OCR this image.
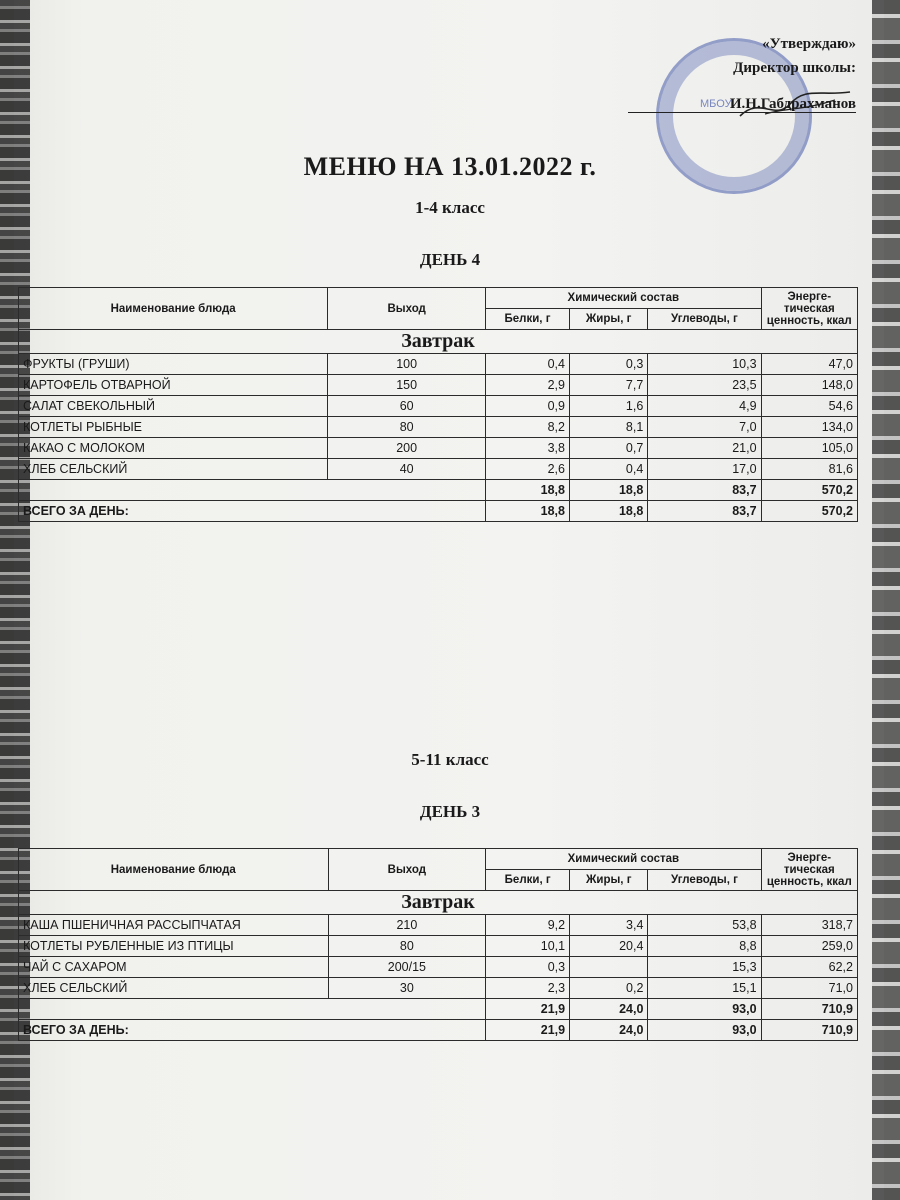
МБОУ
«Утверждаю»
Директор школы:
И.Н.Габдрахманов
МЕНЮ НА 13.01.2022 г.
1-4 класс
ДЕНЬ 4
Наименование блюда	Выход	Химический состав			Энерге-тическая ценность, ккал
		Белки, г	Жиры, г	Углеводы, г	
Завтрак					
ФРУКТЫ (ГРУШИ)	100	0,4	0,3	10,3	47,0
КАРТОФЕЛЬ ОТВАРНОЙ	150	2,9	7,7	23,5	148,0
САЛАТ СВЕКОЛЬНЫЙ	60	0,9	1,6	4,9	54,6
КОТЛЕТЫ РЫБНЫЕ	80	8,2	8,1	7,0	134,0
КАКАО С МОЛОКОМ	200	3,8	0,7	21,0	105,0
ХЛЕБ СЕЛЬСКИЙ	40	2,6	0,4	17,0	81,6
		18,8	18,8	83,7	570,2
ВСЕГО ЗА ДЕНЬ:		18,8	18,8	83,7	570,2
5-11 класс
ДЕНЬ 3
Наименование блюда	Выход	Химический состав			Энерге-тическая ценность, ккал
		Белки, г	Жиры, г	Углеводы, г	
Завтрак					
КАША ПШЕНИЧНАЯ РАССЫПЧАТАЯ	210	9,2	3,4	53,8	318,7
КОТЛЕТЫ РУБЛЕННЫЕ ИЗ ПТИЦЫ	80	10,1	20,4	8,8	259,0
ЧАЙ С САХАРОМ	200/15	0,3		15,3	62,2
ХЛЕБ СЕЛЬСКИЙ	30	2,3	0,2	15,1	71,0
		21,9	24,0	93,0	710,9
ВСЕГО ЗА ДЕНЬ:		21,9	24,0	93,0	710,9
